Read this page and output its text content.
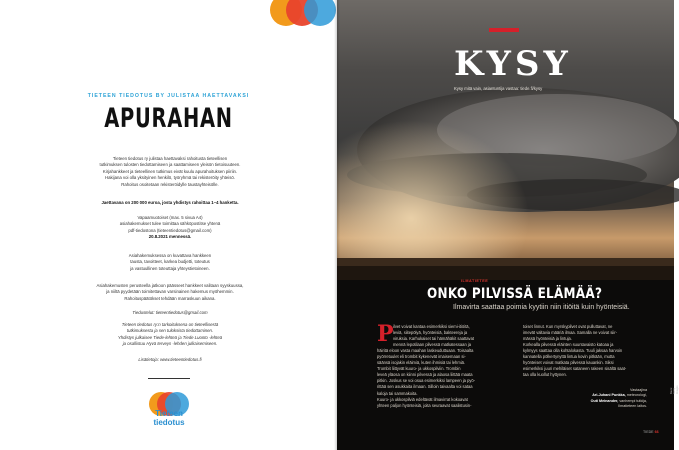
TIETEEN TIEDOTUS BY JULISTAA HAETTAVAKSI
APURAHAN
Tieteen tiedotus ry julistaa haettavaksi rahoitusta tieteellisen
tutkimuksen tulosten tiedottamiseen ja saattamiseen yleisön tietoisuuteen.
Kirjahankkeet ja tieteellinen tutkimus eivät kuulu apurahoituksen piiriin.
Hakijana voi olla yksityinen henkilö, työryhmä tai rekisteröity yhteisö.
Rahoitus osoitetaan rekisteröidylle taustayhteisölle.
Jaettavana on 200 000 euroa, josta yhdistys rahoittaa 1–4 hanketta.
Vapaamuotoiset (max. 5 sivua A4)
asiahakemukset tulee toimittaa sähköpostitse yhtenä
pdf-tiedostona (tieteentiedotus@gmail.com)
20.8.2021 mennessä.
Asiahakemuksessa on kuvattava hankkeen
tausta, tavoitteet, karkea budjetti, toteutus
ja vastuullinen toteuttaja yhteystietoineen.
Asiahakemusten perusteella jatkoon päässeet hankkeet valitaan syyskuussa,
ja niiltä pyydetään toimitettavan varsinainen hakemus myöhemmin.
Rahoituspäätökset tehdään marraskuun aikana.
Tiedustelut: tieteentiedotus@gmail.com
Tieteen tiedotus ry:n tarkoituksena on tieteellisestä
tutkimuksesta ja sen tuloksista tiedottaminen.
Yhdistys julkaisee Tiede-lehteä ja Tiede Luonto -lehteä
ja osallistuu Hyvä terveys -lehden julkaisemiseen.
Lisätietoja: www.tieteentiedotus.fi
Tieteen
tiedotus
KYSY
Kysy mitä vain, asiantuntija vastaa: tiede.fi/kysy
Kuva: Getty Images
ILMATIETEE
ONKO PILVISSÄ ELÄMÄÄ?
Ilmavirta saattaa poimia kyytiin niin itiöitä kuin hyönteisiä.
P ilvet voivat kantaa esimerkiksi siemi-itiöitä,
leviä, siitepölyä, hyönteisiä, bakteereja ja
viruksia. Karhukaiset tai hämähäkit saattavat
mennä lepotilaan pilvessä matkatessaan ja
häiritä eloon vasta maahan laskeuduttuaan. Toisaalta
pyörretuulet eli trombit kykenevät imaisemaan si-
säänsä isojakin eläimiä, kuten ihmisiä tai lehmiä.
Trombit liittyvät kuuro- ja ukkospilviin. Trombin
leveä yläosa on kiinni pilvessä ja alaosa liittää maata
pitkin. Joskus se voi osua esimerkiksi lampeen ja pyö-
rittää sen asukkaita ilmaan. Silloin taivaalta voi sataa
kaloja tai sammakoita.
Kuuro- ja ukkospilviä edeltävät ilmavirrat kokoavat
yhteen paljon hyönteisiä, joita seuraavat saalistusin-
toiset linnut. Kun myrskypilvet ovat pulluttavat, ne
imevät valtavia määriä ilmaa. Samalla ne voivat siir-
mässä hyönteisiä ja lintuja.
Korkealla pilvessä eläinten suuntavaisto katoaa ja
kylmyys saattaa olla kohtalokasta. Tuuli jaksaa harvoin
kannatella pölkertynyttä lintua kovin pitkään, mutta
hyönteiset voivat matkata pilvessä kauankin. Siksi
esimerkiksi juuri mehiläiset sataneen rakeen sisältä saat-
taa olla kuollut hyttynen.
Vastaajina
Ari-Juhani Punkka, meteorologi,
Outi Meinander, vanhempi tutkija,
Ilmatieteen laitos.
TIEDE 66
